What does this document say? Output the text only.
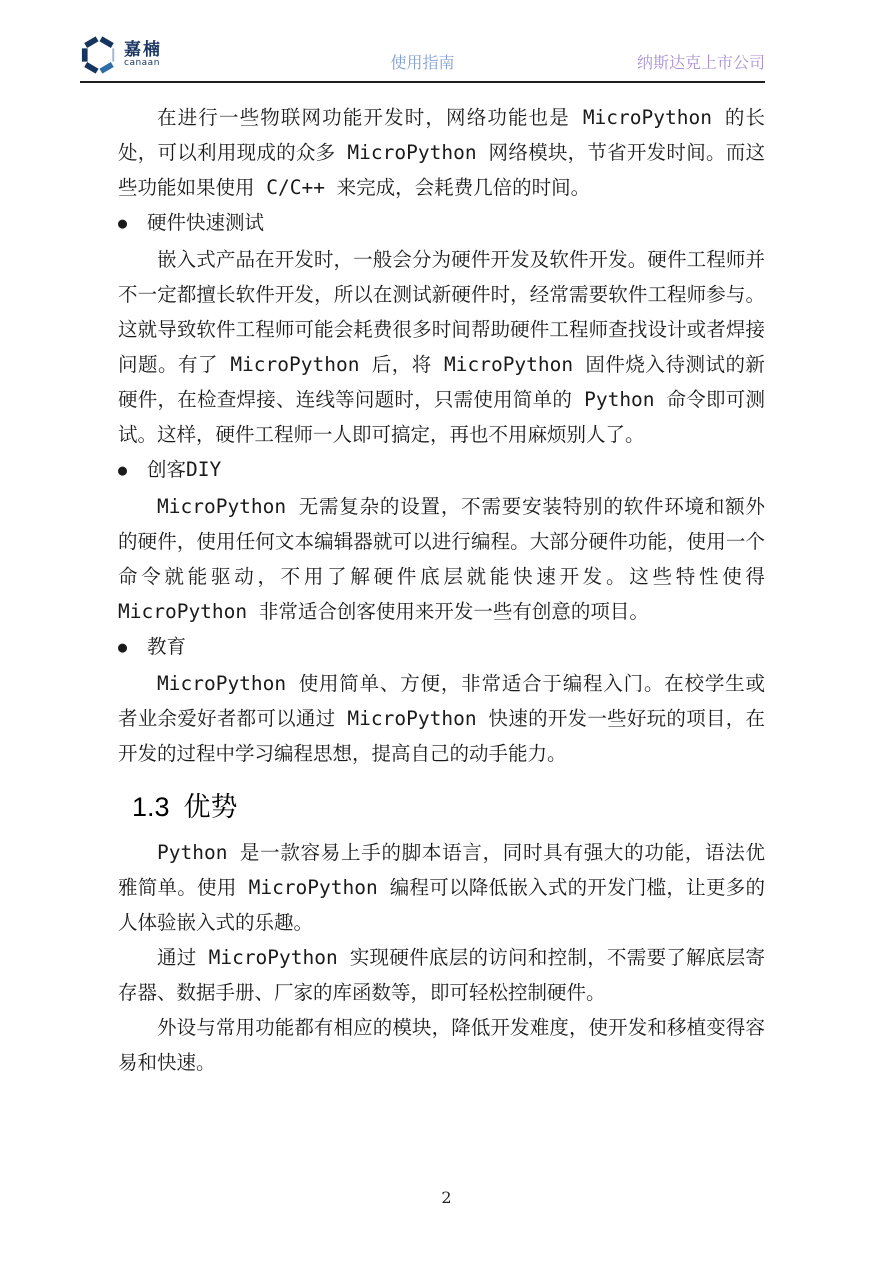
嘉楠
canaan	使用指南	纳斯达克上市公司

在进行一些物联网功能开发时，网络功能也是 MicroPython 的长处，可以利用现成的众多 MicroPython 网络模块，节省开发时间。而这些功能如果使用 C/C++ 来完成，会耗费几倍的时间。

● 硬件快速测试

嵌入式产品在开发时，一般会分为硬件开发及软件开发。硬件工程师并不一定都擅长软件开发，所以在测试新硬件时，经常需要软件工程师参与。这就导致软件工程师可能会耗费很多时间帮助硬件工程师查找设计或者焊接问题。有了 MicroPython 后，将 MicroPython 固件烧入待测试的新硬件，在检查焊接、连线等问题时，只需使用简单的 Python 命令即可测试。这样，硬件工程师一人即可搞定，再也不用麻烦别人了。

● 创客DIY

MicroPython 无需复杂的设置，不需要安装特别的软件环境和额外的硬件，使用任何文本编辑器就可以进行编程。大部分硬件功能，使用一个命令就能驱动，不用了解硬件底层就能快速开发。这些特性使得 MicroPython 非常适合创客使用来开发一些有创意的项目。

● 教育

MicroPython 使用简单、方便，非常适合于编程入门。在校学生或者业余爱好者都可以通过 MicroPython 快速的开发一些好玩的项目，在开发的过程中学习编程思想，提高自己的动手能力。

1.3 优势

Python 是一款容易上手的脚本语言，同时具有强大的功能，语法优雅简单。使用 MicroPython 编程可以降低嵌入式的开发门槛，让更多的人体验嵌入式的乐趣。

通过 MicroPython 实现硬件底层的访问和控制，不需要了解底层寄存器、数据手册、厂家的库函数等，即可轻松控制硬件。

外设与常用功能都有相应的模块，降低开发难度，使开发和移植变得容易和快速。

2
